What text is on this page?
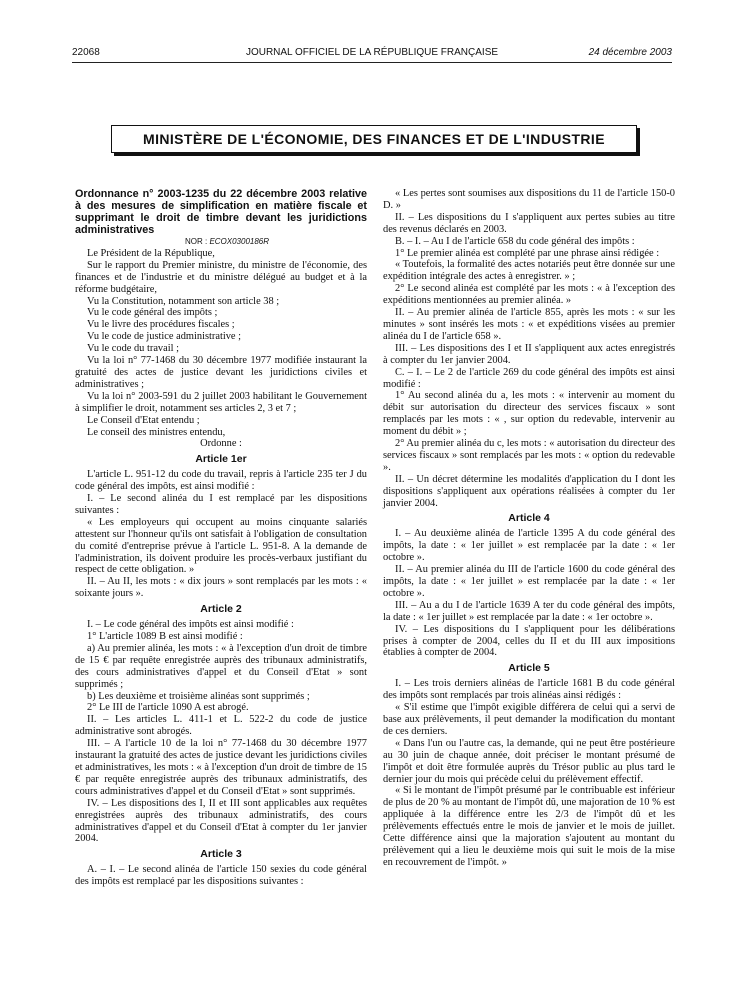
22068	JOURNAL OFFICIEL DE LA RÉPUBLIQUE FRANÇAISE	24 décembre 2003
MINISTÈRE DE L'ÉCONOMIE, DES FINANCES ET DE L'INDUSTRIE

Ordonnance n° 2003-1235 du 22 décembre 2003 relative à des mesures de simplification en matière fiscale et supprimant le droit de timbre devant les juridictions administratives

NOR : ECOX0300186R

Le Président de la République,

Sur le rapport du Premier ministre, du ministre de l'économie, des finances et de l'industrie et du ministre délégué au budget et à la réforme budgétaire,

Vu la Constitution, notamment son article 38 ;

Vu le code général des impôts ;

Vu le livre des procédures fiscales ;

Vu le code de justice administrative ;

Vu le code du travail ;

Vu la loi n° 77-1468 du 30 décembre 1977 modifiée instaurant la gratuité des actes de justice devant les juridictions civiles et administratives ;

Vu la loi n° 2003-591 du 2 juillet 2003 habilitant le Gouvernement à simplifier le droit, notamment ses articles 2, 3 et 7 ;

Le Conseil d'Etat entendu ;

Le conseil des ministres entendu,

Ordonne :

Article 1er

L'article L. 951-12 du code du travail, repris à l'article 235 ter J du code général des impôts, est ainsi modifié :

I. – Le second alinéa du I est remplacé par les dispositions suivantes :

« Les employeurs qui occupent au moins cinquante salariés attestent sur l'honneur qu'ils ont satisfait à l'obligation de consultation du comité d'entreprise prévue à l'article L. 951-8. A la demande de l'administration, ils doivent produire les procès-verbaux justifiant du respect de cette obligation. »

II. – Au II, les mots : « dix jours » sont remplacés par les mots : « soixante jours ».

Article 2

I. – Le code général des impôts est ainsi modifié :

1° L'article 1089 B est ainsi modifié :

a) Au premier alinéa, les mots : « à l'exception d'un droit de timbre de 15 € par requête enregistrée auprès des tribunaux administratifs, des cours administratives d'appel et du Conseil d'Etat » sont supprimés ;

b) Les deuxième et troisième alinéas sont supprimés ;

2° Le III de l'article 1090 A est abrogé.

II. – Les articles L. 411-1 et L. 522-2 du code de justice administrative sont abrogés.

III. – A l'article 10 de la loi n° 77-1468 du 30 décembre 1977 instaurant la gratuité des actes de justice devant les juridictions civiles et administratives, les mots : « à l'exception d'un droit de timbre de 15 € par requête enregistrée auprès des tribunaux administratifs, des cours administratives d'appel et du Conseil d'Etat » sont supprimés.

IV. – Les dispositions des I, II et III sont applicables aux requêtes enregistrées auprès des tribunaux administratifs, des cours administratives d'appel et du Conseil d'Etat à compter du 1er janvier 2004.

Article 3

A. – I. – Le second alinéa de l'article 150 sexies du code général des impôts est remplacé par les dispositions suivantes :

« Les pertes sont soumises aux dispositions du 11 de l'article 150-0 D. »

II. – Les dispositions du I s'appliquent aux pertes subies au titre des revenus déclarés en 2003.

B. – I. – Au I de l'article 658 du code général des impôts :

1° Le premier alinéa est complété par une phrase ainsi rédigée :

« Toutefois, la formalité des actes notariés peut être donnée sur une expédition intégrale des actes à enregistrer. » ;

2° Le second alinéa est complété par les mots : « à l'exception des expéditions mentionnées au premier alinéa. »

II. – Au premier alinéa de l'article 855, après les mots : « sur les minutes » sont insérés les mots : « et expéditions visées au premier alinéa du I de l'article 658 ».

III. – Les dispositions des I et II s'appliquent aux actes enregistrés à compter du 1er janvier 2004.

C. – I. – Le 2 de l'article 269 du code général des impôts est ainsi modifié :

1° Au second alinéa du a, les mots : « intervenir au moment du débit sur autorisation du directeur des services fiscaux » sont remplacés par les mots : « , sur option du redevable, intervenir au moment du débit » ;

2° Au premier alinéa du c, les mots : « autorisation du directeur des services fiscaux » sont remplacés par les mots : « option du redevable ».

II. – Un décret détermine les modalités d'application du I dont les dispositions s'appliquent aux opérations réalisées à compter du 1er janvier 2004.

Article 4

I. – Au deuxième alinéa de l'article 1395 A du code général des impôts, la date : « 1er juillet » est remplacée par la date : « 1er octobre ».

II. – Au premier alinéa du III de l'article 1600 du code général des impôts, la date : « 1er juillet » est remplacée par la date : « 1er octobre ».

III. – Au a du I de l'article 1639 A ter du code général des impôts, la date : « 1er juillet » est remplacée par la date : « 1er octobre ».

IV. – Les dispositions du I s'appliquent pour les délibérations prises à compter de 2004, celles du II et du III aux impositions établies à compter de 2004.

Article 5

I. – Les trois derniers alinéas de l'article 1681 B du code général des impôts sont remplacés par trois alinéas ainsi rédigés :

« S'il estime que l'impôt exigible différera de celui qui a servi de base aux prélèvements, il peut demander la modification du montant de ces derniers.

« Dans l'un ou l'autre cas, la demande, qui ne peut être postérieure au 30 juin de chaque année, doit préciser le montant présumé de l'impôt et doit être formulée auprès du Trésor public au plus tard le dernier jour du mois qui précède celui du prélèvement effectif.

« Si le montant de l'impôt présumé par le contribuable est inférieur de plus de 20 % au montant de l'impôt dû, une majoration de 10 % est appliquée à la différence entre les 2/3 de l'impôt dû et les prélèvements effectués entre le mois de janvier et le mois de juillet. Cette différence ainsi que la majoration s'ajoutent au montant du prélèvement qui a lieu le deuxième mois qui suit le mois de la mise en recouvrement de l'impôt. »
